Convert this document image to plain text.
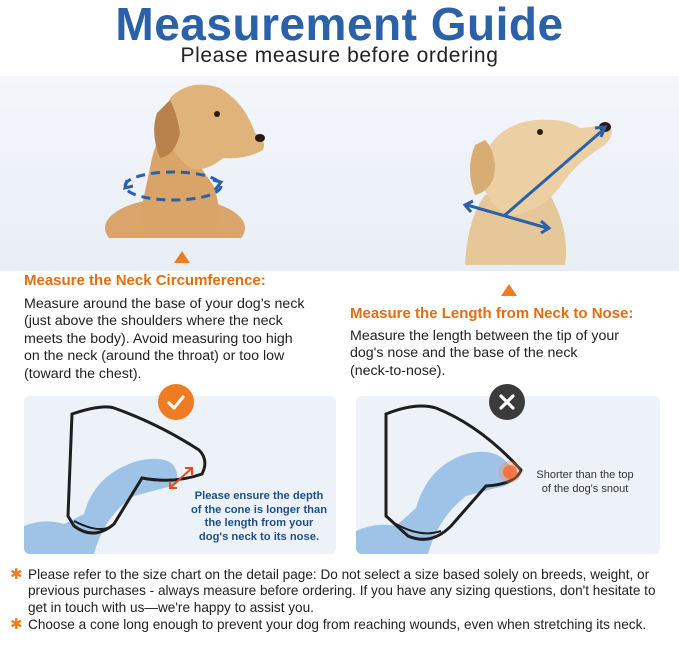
Measurement Guide
Please measure before ordering
Measure the Neck Circumference:
Measure around the base of your dog’s neck
(just above the shoulders where the neck
meets the body). Avoid measuring too high
on the neck (around the throat) or too low
(toward the chest).
Measure the Length from Neck to Nose:
Measure the length between the tip of your
dog's nose and the base of the neck
(neck-to-nose).
Please ensure the depth
of the cone is longer than
the length from your
dog's neck to its nose.
Shorter than the top
of the dog's snout
✱ Please refer to the size chart on the detail page: Do not select a size based solely on breeds, weight, or previous purchases - always measure before ordering. If you have any sizing questions, don't hesitate to get in touch with us—we're happy to assist you.
✱ Choose a cone long enough to prevent your dog from reaching wounds, even when stretching its neck.
